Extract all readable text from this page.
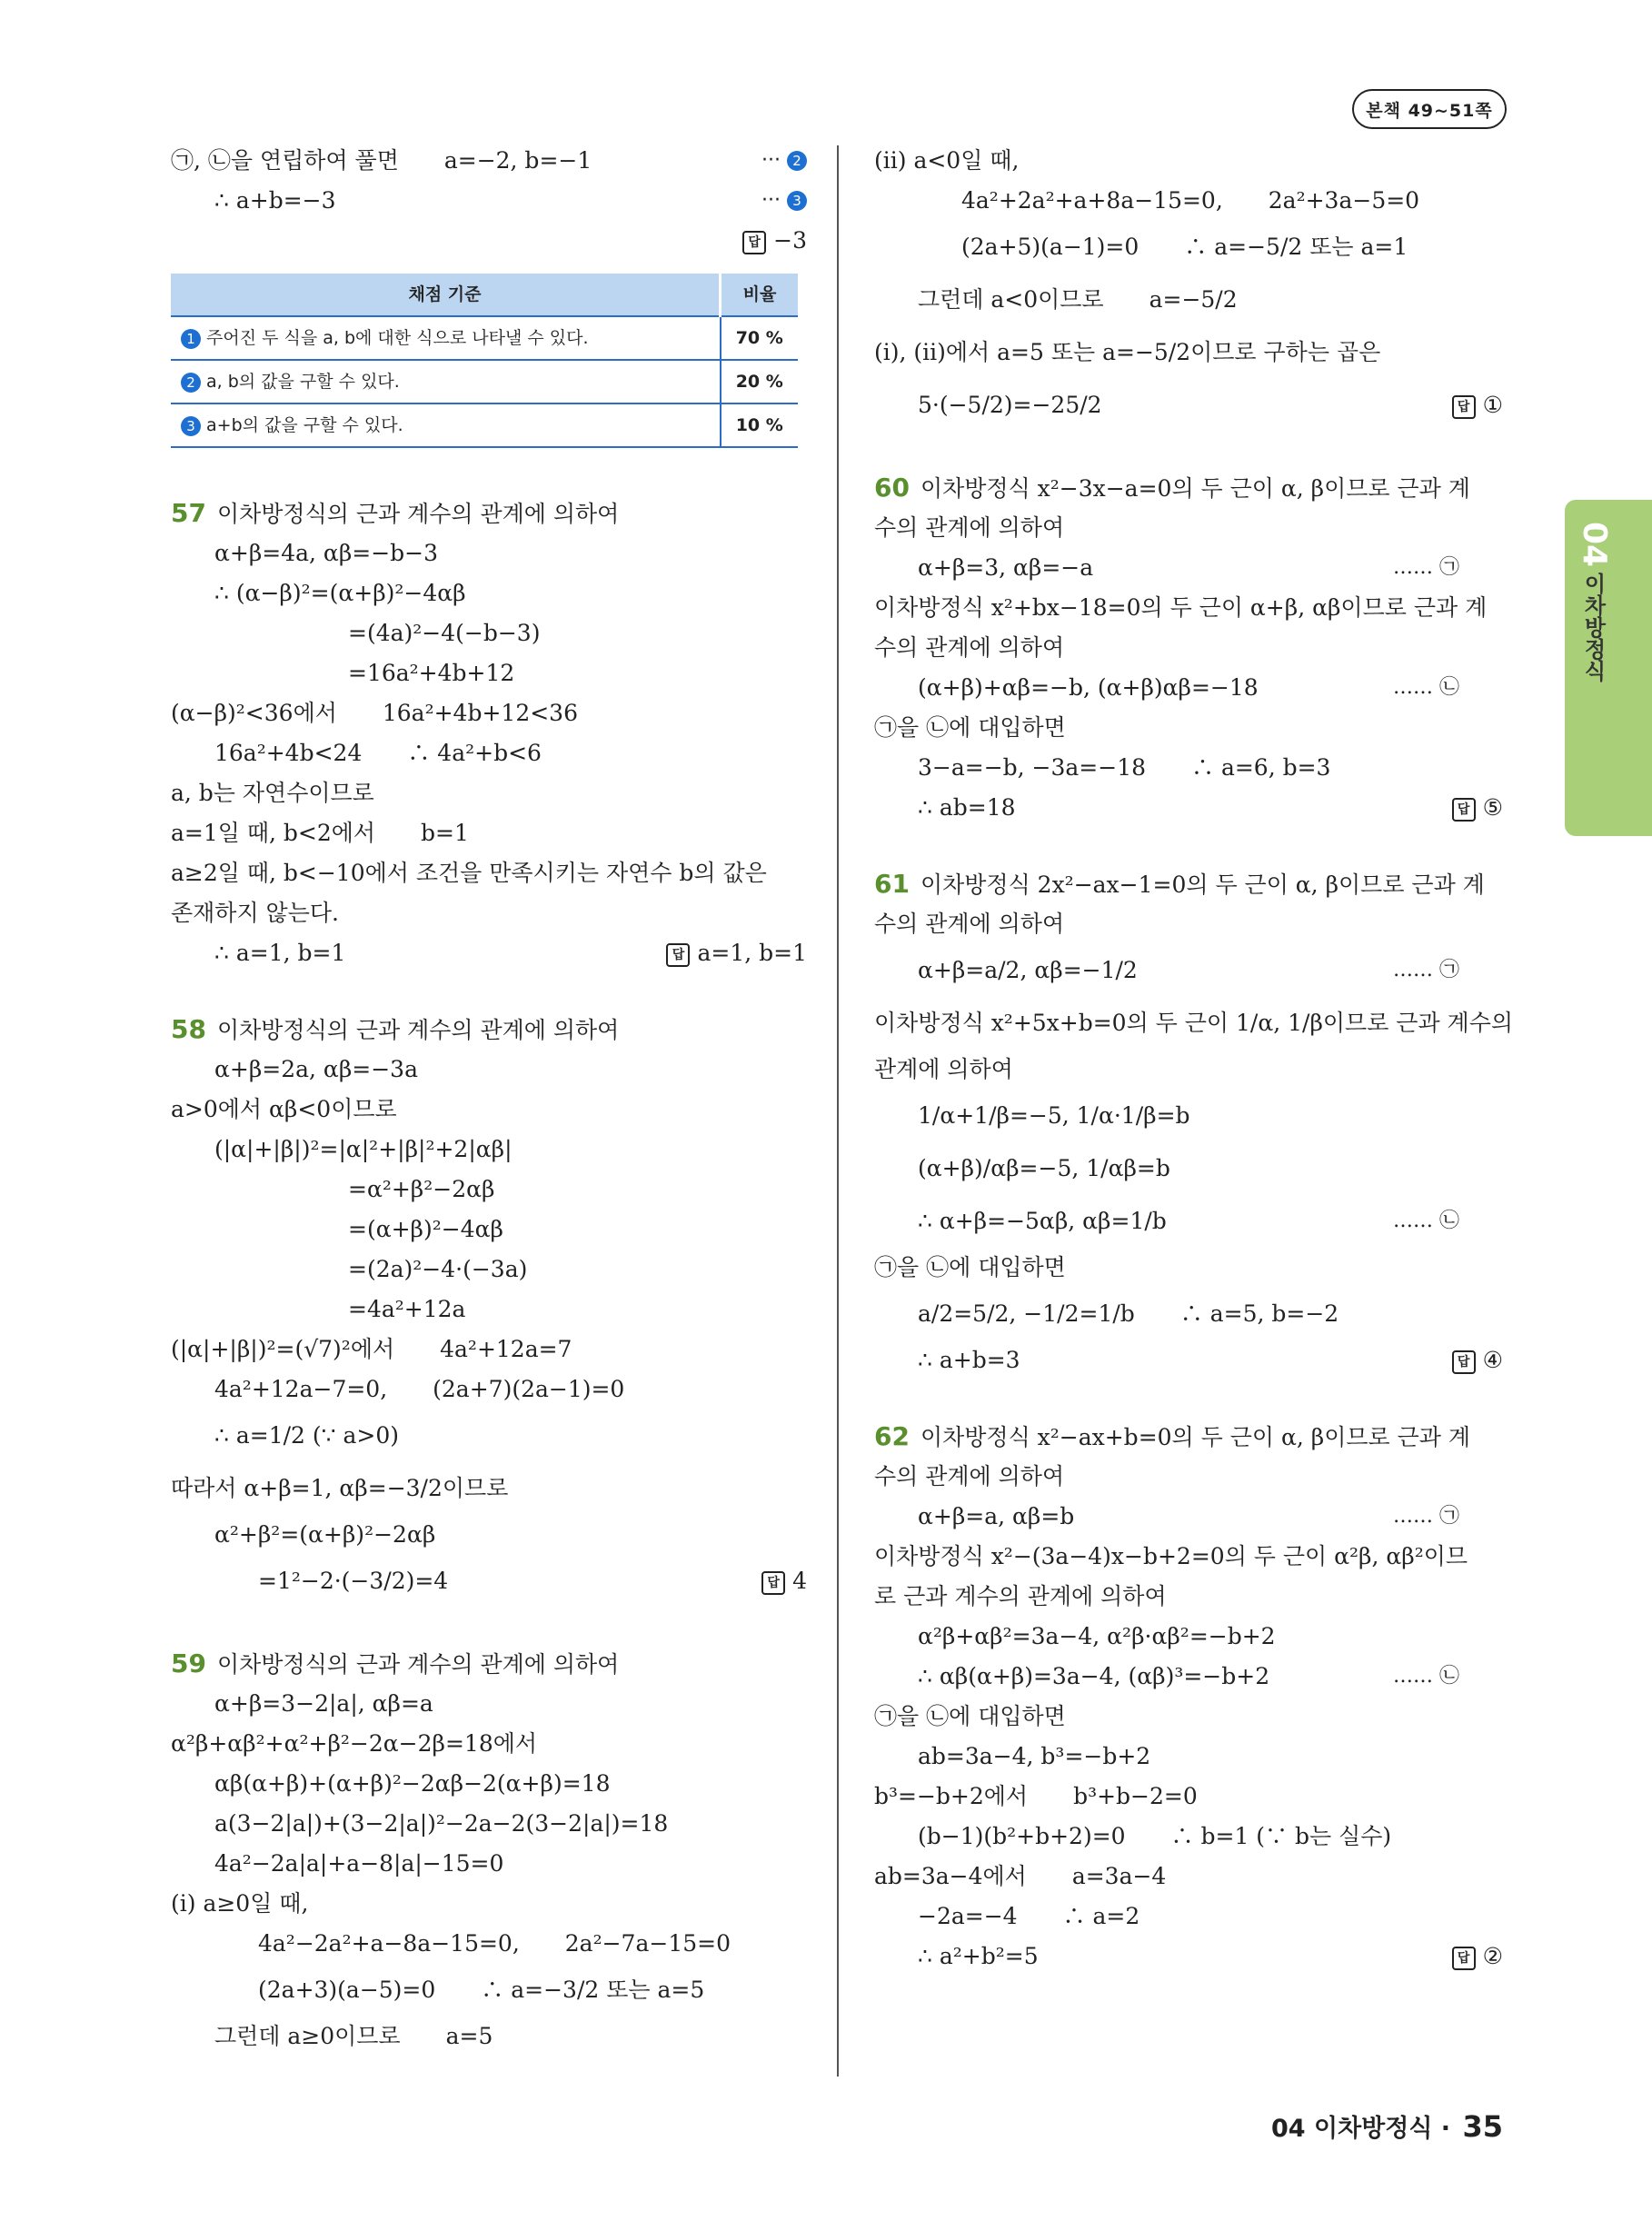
본책 49~51쪽
04
이차방정식
㉠, ㉡을 연립하여 풀면　　a=−2, b=−1	··· 2
∴ a+b=−3	··· 3
답 −3
채점 기준	비율
1 주어진 두 식을 a, b에 대한 식으로 나타낼 수 있다.	70 %
2 a, b의 값을 구할 수 있다.	20 %
3 a+b의 값을 구할 수 있다.	10 %
57 이차방정식의 근과 계수의 관계에 의하여
α+β=4a, αβ=−b−3
∴ (α−β)²=(α+β)²−4αβ
=(4a)²−4(−b−3)
=16a²+4b+12
(α−β)²<36에서　　16a²+4b+12<36
16a²+4b<24　　∴ 4a²+b<6
a, b는 자연수이므로
a=1일 때, b<2에서　　b=1
a≥2일 때, b<−10에서 조건을 만족시키는 자연수 b의 값은
존재하지 않는다.
∴ a=1, b=1	답 a=1, b=1
58 이차방정식의 근과 계수의 관계에 의하여
α+β=2a, αβ=−3a
a>0에서 αβ<0이므로
(|α|+|β|)²=|α|²+|β|²+2|αβ|
=α²+β²−2αβ
=(α+β)²−4αβ
=(2a)²−4·(−3a)
=4a²+12a
(|α|+|β|)²=(√7)²에서　　4a²+12a=7
4a²+12a−7=0,　　(2a+7)(2a−1)=0
∴ a=1/2 (∵ a>0)
따라서 α+β=1, αβ=−3/2이므로
α²+β²=(α+β)²−2αβ
=1²−2·(−3/2)=4	답 4
59 이차방정식의 근과 계수의 관계에 의하여
α+β=3−2|a|, αβ=a
α²β+αβ²+α²+β²−2α−2β=18에서
αβ(α+β)+(α+β)²−2αβ−2(α+β)=18
a(3−2|a|)+(3−2|a|)²−2a−2(3−2|a|)=18
4a²−2a|a|+a−8|a|−15=0
(i) a≥0일 때,
4a²−2a²+a−8a−15=0,　　2a²−7a−15=0
(2a+3)(a−5)=0　　∴ a=−3/2 또는 a=5
그런데 a≥0이므로　　a=5
(ii) a<0일 때,
4a²+2a²+a+8a−15=0,　　2a²+3a−5=0
(2a+5)(a−1)=0　　∴ a=−5/2 또는 a=1
그런데 a<0이므로　　a=−5/2
(i), (ii)에서 a=5 또는 a=−5/2이므로 구하는 곱은
5·(−5/2)=−25/2	답 ①
60 이차방정식 x²−3x−a=0의 두 근이 α, β이므로 근과 계
수의 관계에 의하여
α+β=3, αβ=−a	…… ㉠
이차방정식 x²+bx−18=0의 두 근이 α+β, αβ이므로 근과 계
수의 관계에 의하여
(α+β)+αβ=−b, (α+β)αβ=−18	…… ㉡
㉠을 ㉡에 대입하면
3−a=−b, −3a=−18　　∴ a=6, b=3
∴ ab=18	답 ⑤
61 이차방정식 2x²−ax−1=0의 두 근이 α, β이므로 근과 계
수의 관계에 의하여
α+β=a/2, αβ=−1/2	…… ㉠
이차방정식 x²+5x+b=0의 두 근이 1/α, 1/β이므로 근과 계수의
관계에 의하여
1/α+1/β=−5, 1/α·1/β=b
(α+β)/αβ=−5, 1/αβ=b
∴ α+β=−5αβ, αβ=1/b	…… ㉡
㉠을 ㉡에 대입하면
a/2=5/2, −1/2=1/b　　∴ a=5, b=−2
∴ a+b=3	답 ④
62 이차방정식 x²−ax+b=0의 두 근이 α, β이므로 근과 계
수의 관계에 의하여
α+β=a, αβ=b	…… ㉠
이차방정식 x²−(3a−4)x−b+2=0의 두 근이 α²β, αβ²이므
로 근과 계수의 관계에 의하여
α²β+αβ²=3a−4, α²β·αβ²=−b+2
∴ αβ(α+β)=3a−4, (αβ)³=−b+2	…… ㉡
㉠을 ㉡에 대입하면
ab=3a−4, b³=−b+2
b³=−b+2에서　　b³+b−2=0
(b−1)(b²+b+2)=0　　∴ b=1 (∵ b는 실수)
ab=3a−4에서　　a=3a−4
−2a=−4　　∴ a=2
∴ a²+b²=5	답 ②
04 이차방정식 · 35
